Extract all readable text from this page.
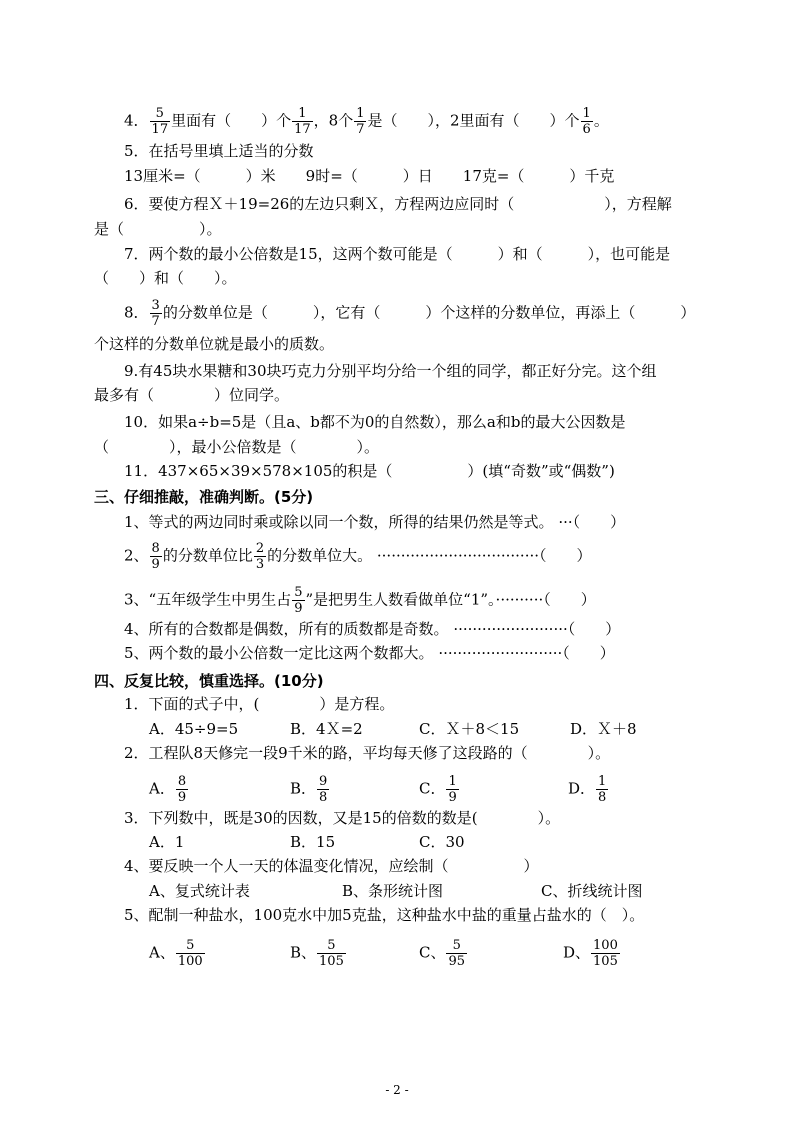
4． $\frac{5}{17}$ 里面有（　　）个 $\frac{1}{17}$ ，8个 $\frac{1}{7}$ 是（　　），2里面有（　　）个 $\frac{1}{6}$ 。
5．在括号里填上适当的分数
13厘米=（　　　）米　　9时=（　　　）日　　17克=（　　　）千克
6．要使方程Ｘ＋19=26的左边只剩Ｘ，方程两边应同时（　　　　　　），方程解
是（　　　　　）。
7．两个数的最小公倍数是15，这两个数可能是（　　　）和（　　　），也可能是
（　　）和（　　）。
8． $\frac{3}{7}$ 的分数单位是（　　　），它有（　　　）个这样的分数单位，再添上（　　　）
个这样的分数单位就是最小的质数。
9.有45块水果糖和30块巧克力分别平均分给一个组的同学，都正好分完。这个组
最多有（　　　　）位同学。
10．如果a÷b=5是（且a、b都不为0的自然数），那么a和b的最大公因数是
（　　　　），最小公倍数是（　　　　）。
11．437×65×39×578×105的积是（　　　　　）(填“奇数”或“偶数”)
三、仔细推敲，准确判断。(5分)
1、等式的两边同时乘或除以同一个数，所得的结果仍然是等式。 ···（　　）
2、 $\frac{8}{9}$ 的分数单位比 $\frac{2}{3}$ 的分数单位大。 ··································（　　）
3、“五年级学生中男生占 $\frac{5}{9}$ ”是把男生人数看做单位“1”。··········（　　）
4、所有的合数都是偶数，所有的质数都是奇数。 ························（　　）
5、两个数的最小公倍数一定比这两个数都大。 ··························（　　）
四、反复比较，慎重选择。(10分)
1．下面的式子中，(　　　　）是方程。
A．45÷9=5	B．4Ｘ=2	C．Ｘ＋8＜15	D．Ｘ＋8
2．工程队8天修完一段9千米的路，平均每天修了这段路的（　　　　）。
A． $\frac{8}{9}$	B． $\frac{9}{8}$	C． $\frac{1}{9}$	D． $\frac{1}{8}$
3．下列数中，既是30的因数，又是15的倍数的数是(　　　　）。
A．1	B．15	C．30
4、要反映一个人一天的体温变化情况，应绘制（　　　　　）
A、复式统计表	B、条形统计图	C、折线统计图
5、配制一种盐水，100克水中加5克盐，这种盐水中盐的重量占盐水的（　）。
A、 $\frac{5}{100}$	B、 $\frac{5}{105}$	C、 $\frac{5}{95}$	D、 $\frac{100}{105}$
- 2 -
